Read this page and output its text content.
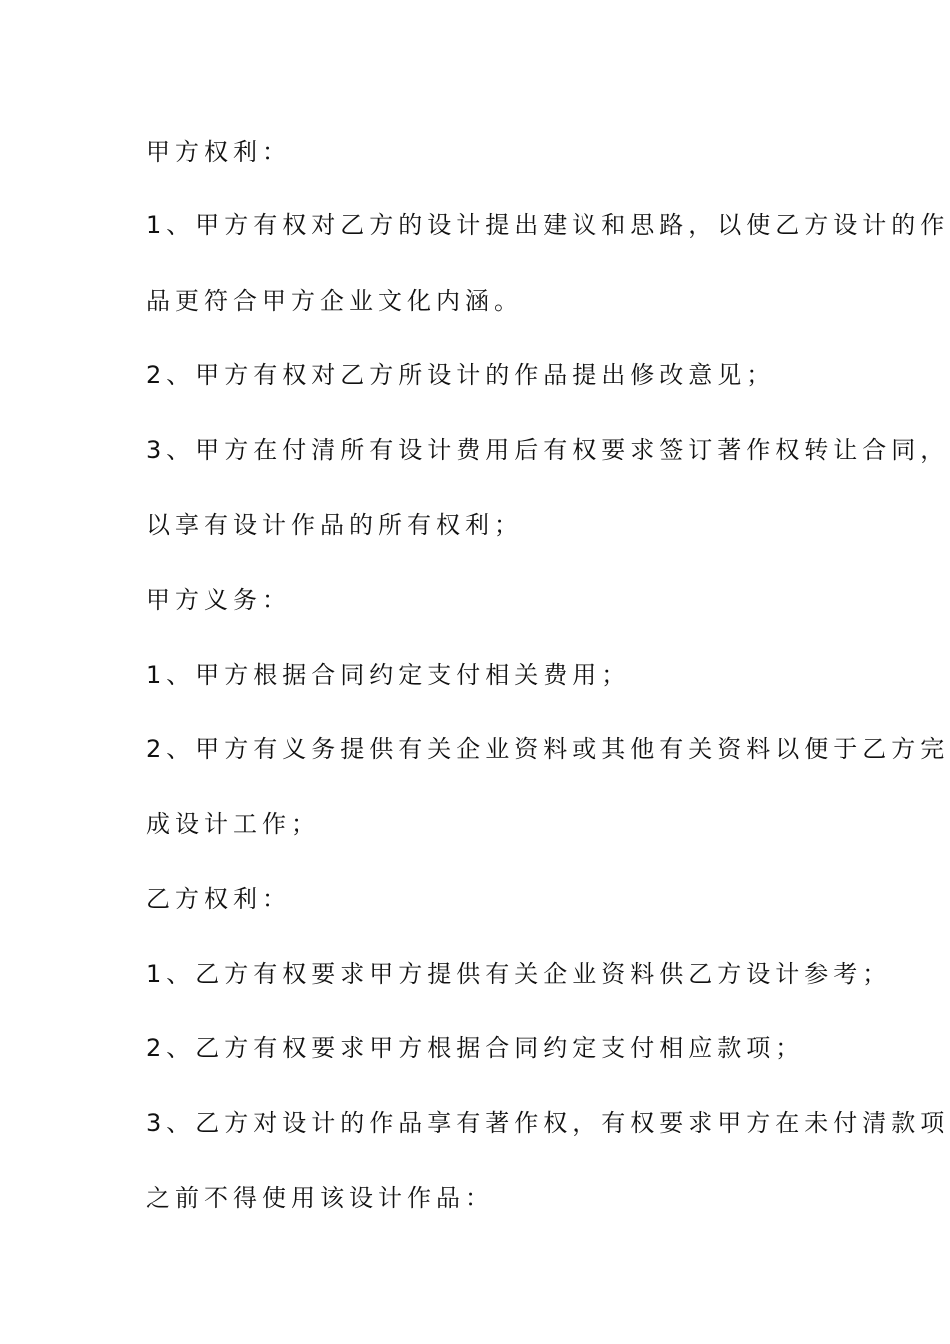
甲方权利：
1、甲方有权对乙方的设计提出建议和思路，以使乙方设计的作
品更符合甲方企业文化内涵。
2、甲方有权对乙方所设计的作品提出修改意见；
3、甲方在付清所有设计费用后有权要求签订著作权转让合同，
以享有设计作品的所有权利；
甲方义务：
1、甲方根据合同约定支付相关费用；
2、甲方有义务提供有关企业资料或其他有关资料以便于乙方完
成设计工作；
乙方权利：
1、乙方有权要求甲方提供有关企业资料供乙方设计参考；
2、乙方有权要求甲方根据合同约定支付相应款项；
3、乙方对设计的作品享有著作权，有权要求甲方在未付清款项
之前不得使用该设计作品：
